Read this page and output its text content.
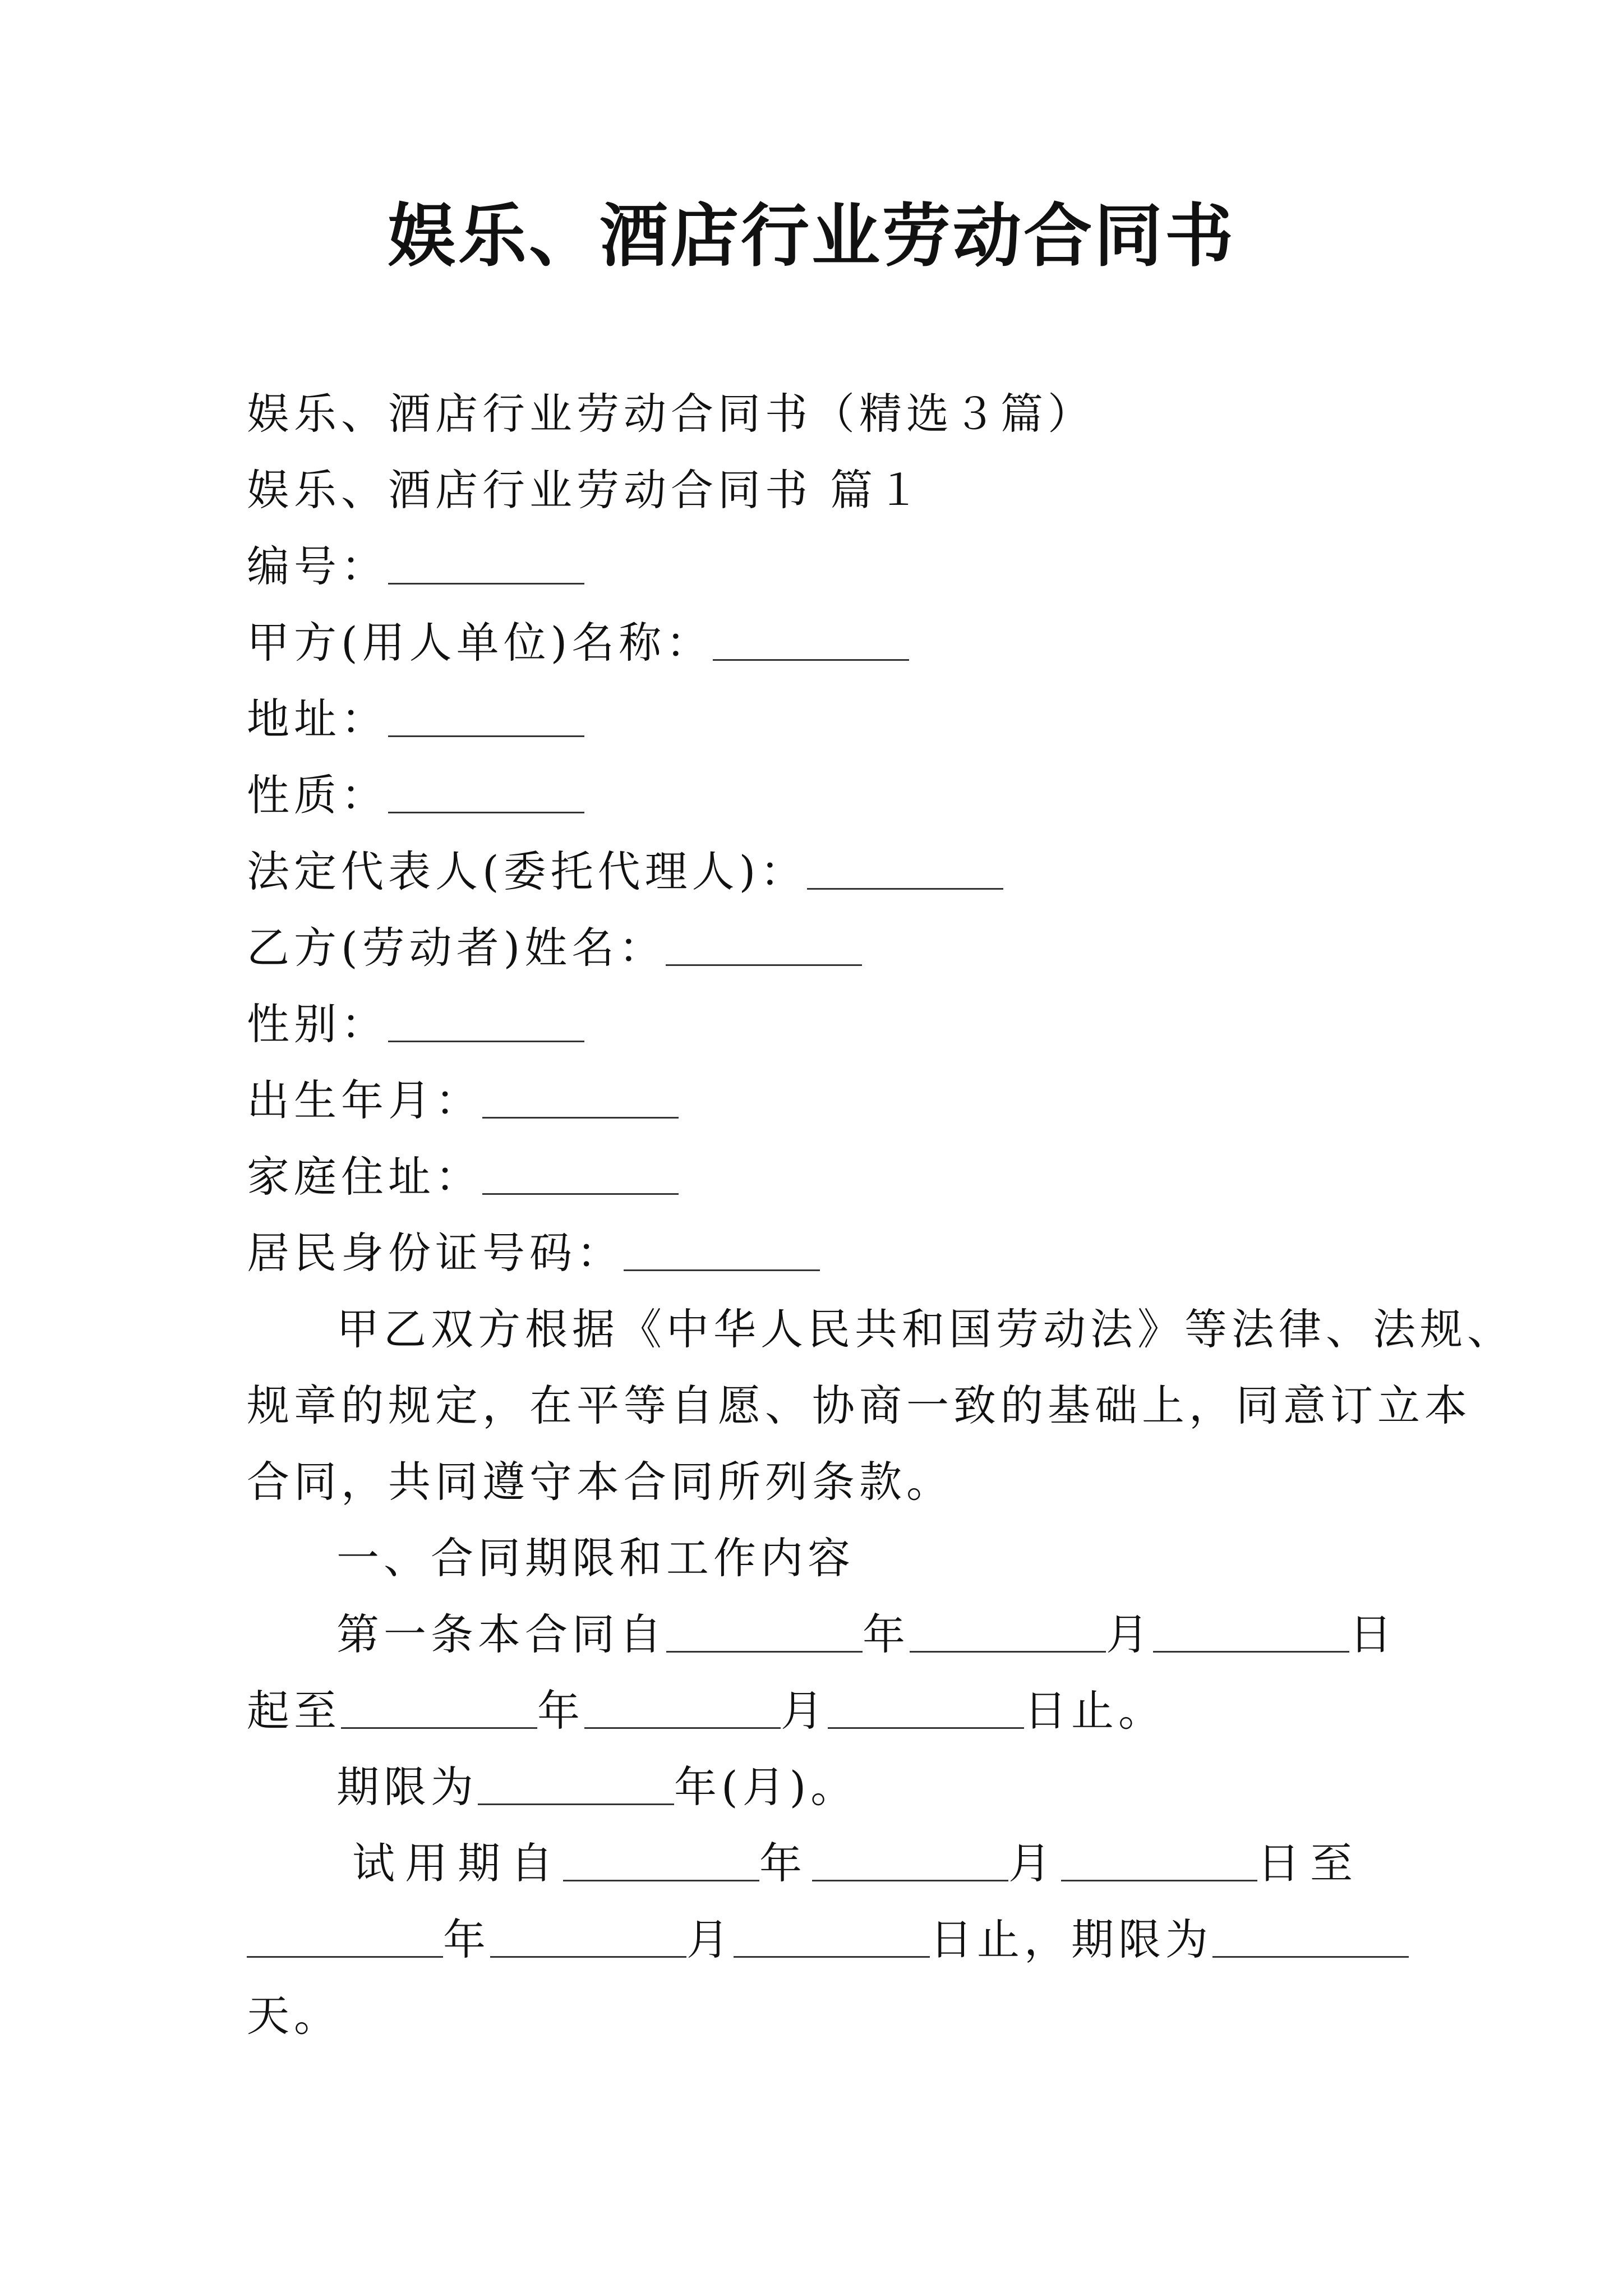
娱乐、酒店行业劳动合同书
娱乐、酒店行业劳动合同书（精选３篇）
娱乐、酒店行业劳动合同书 篇１
编号：
甲方(用人单位)名称：
地址：
性质：
法定代表人(委托代理人)：
乙方(劳动者)姓名：
性别：
出生年月：
家庭住址：
居民身份证号码：
甲乙双方根据《中华人民共和国劳动法》等法律、法规、
规章的规定，在平等自愿、协商一致的基础上，同意订立本
合同，共同遵守本合同所列条款。
一、合同期限和工作内容
第一条本合同自	年	月	日
起至	年	月	日止。
期限为	年(月)。
试用期自	年	月	日至
年	月	日止，期限为
天。
